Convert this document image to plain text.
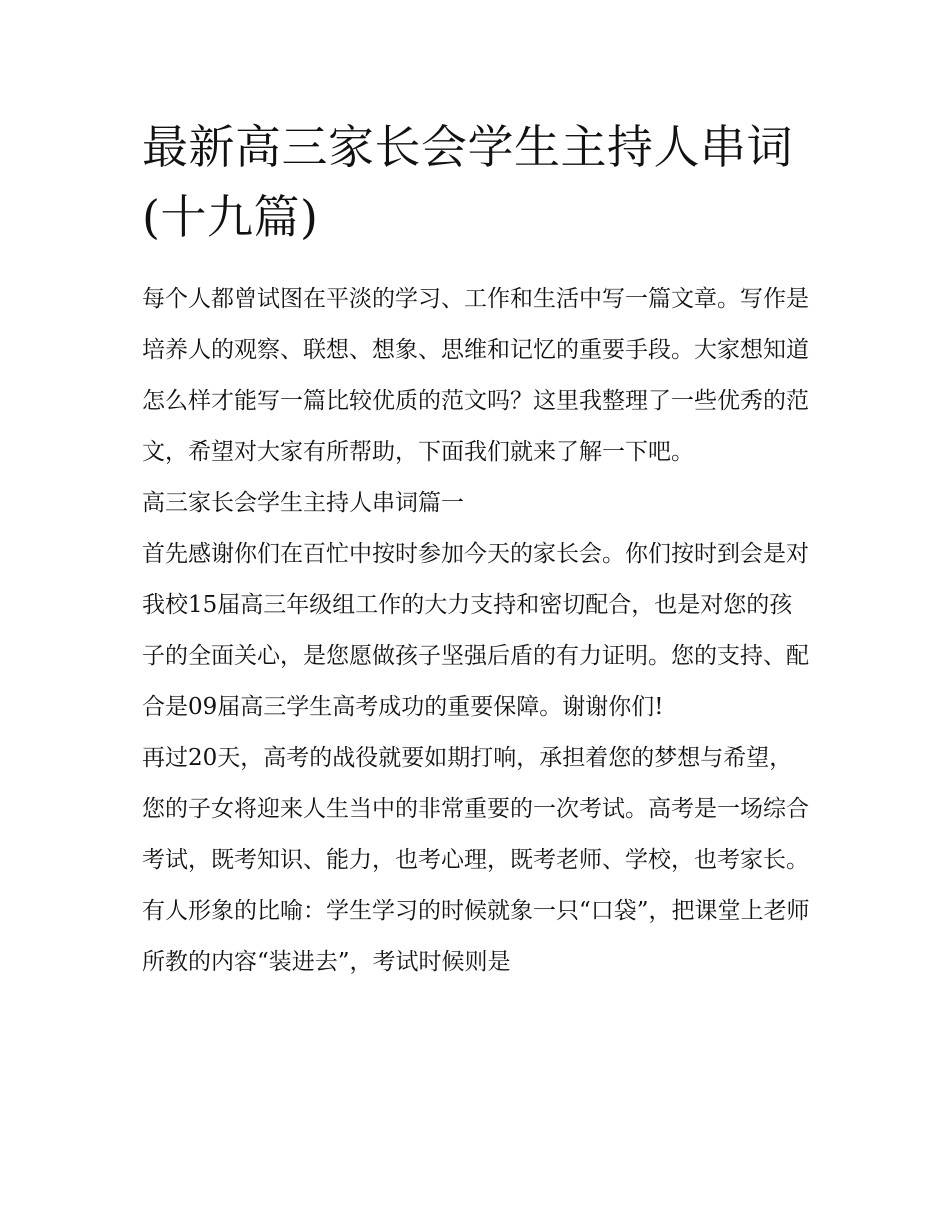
最新高三家长会学生主持人串词(十九篇)

每个人都曾试图在平淡的学习、工作和生活中写一篇文章。写作是培养人的观察、联想、想象、思维和记忆的重要手段。大家想知道怎么样才能写一篇比较优质的范文吗？这里我整理了一些优秀的范文，希望对大家有所帮助，下面我们就来了解一下吧。

高三家长会学生主持人串词篇一

首先感谢你们在百忙中按时参加今天的家长会。你们按时到会是对我校15届高三年级组工作的大力支持和密切配合，也是对您的孩子的全面关心，是您愿做孩子坚强后盾的有力证明。您的支持、配合是09届高三学生高考成功的重要保障。谢谢你们!

再过20天，高考的战役就要如期打响，承担着您的梦想与希望，您的子女将迎来人生当中的非常重要的一次考试。高考是一场综合考试，既考知识、能力，也考心理，既考老师、学校，也考家长。有人形象的比喻：学生学习的时候就象一只“口袋”，把课堂上老师所教的内容“装进去”，考试时候则是
